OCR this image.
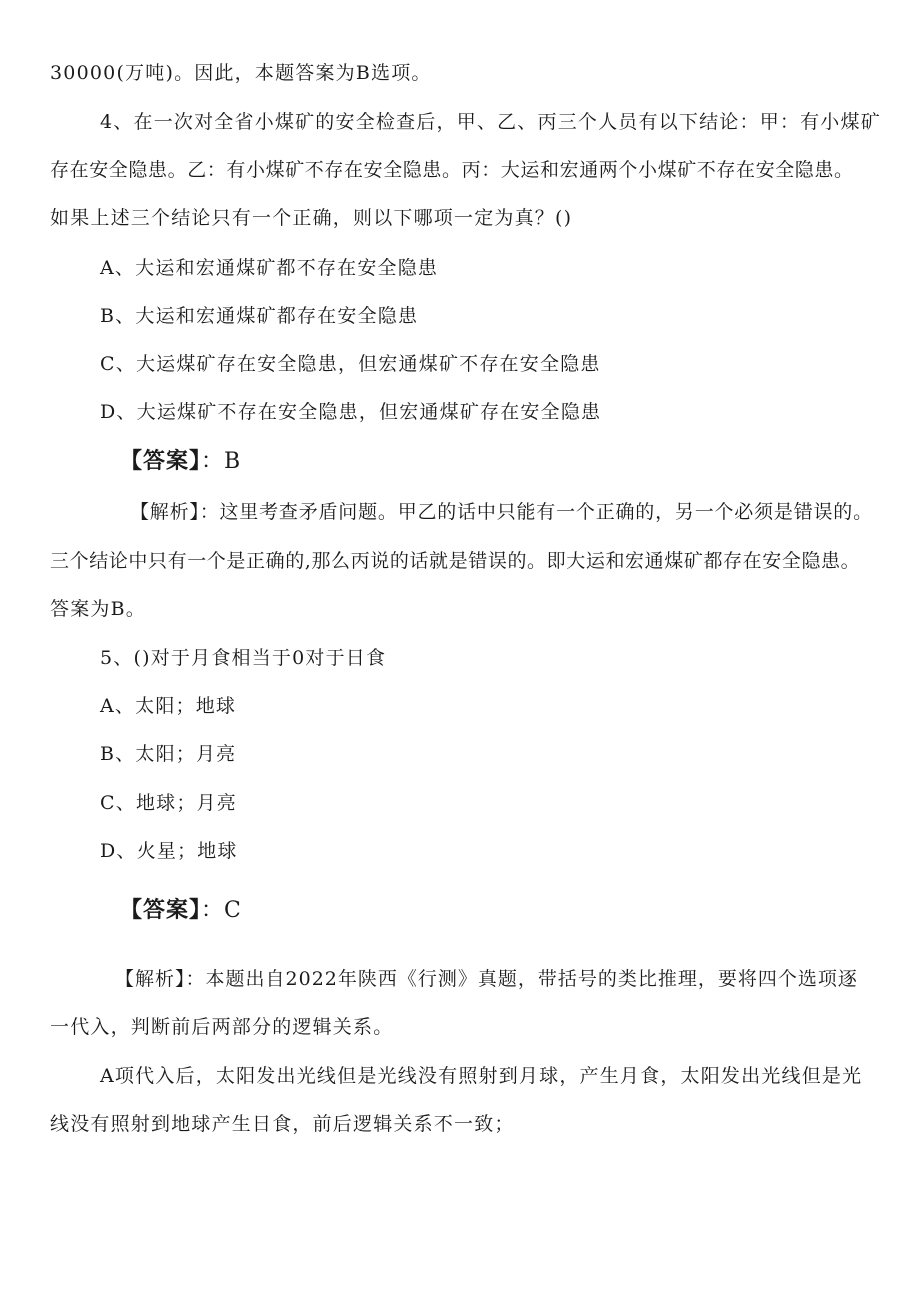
30000(万吨)。因此，本题答案为B选项。
4、在一次对全省小煤矿的安全检查后，甲、乙、丙三个人员有以下结论：甲：有小煤矿
存在安全隐患。乙：有小煤矿不存在安全隐患。丙：大运和宏通两个小煤矿不存在安全隐患。
如果上述三个结论只有一个正确，则以下哪项一定为真？()
A、大运和宏通煤矿都不存在安全隐患
B、大运和宏通煤矿都存在安全隐患
C、大运煤矿存在安全隐患，但宏通煤矿不存在安全隐患
D、大运煤矿不存在安全隐患，但宏通煤矿存在安全隐患
【答案】：B
【解析】：这里考查矛盾问题。甲乙的话中只能有一个正确的，另一个必须是错误的。
三个结论中只有一个是正确的,那么丙说的话就是错误的。即大运和宏通煤矿都存在安全隐患。
答案为B。
5、()对于月食相当于0对于日食
A、太阳；地球
B、太阳；月亮
C、地球；月亮
D、火星；地球
【答案】：C
【解析】：本题出自2022年陕西《行测》真题，带括号的类比推理，要将四个选项逐
一代入，判断前后两部分的逻辑关系。
A项代入后，太阳发出光线但是光线没有照射到月球，产生月食，太阳发出光线但是光
线没有照射到地球产生日食，前后逻辑关系不一致；
